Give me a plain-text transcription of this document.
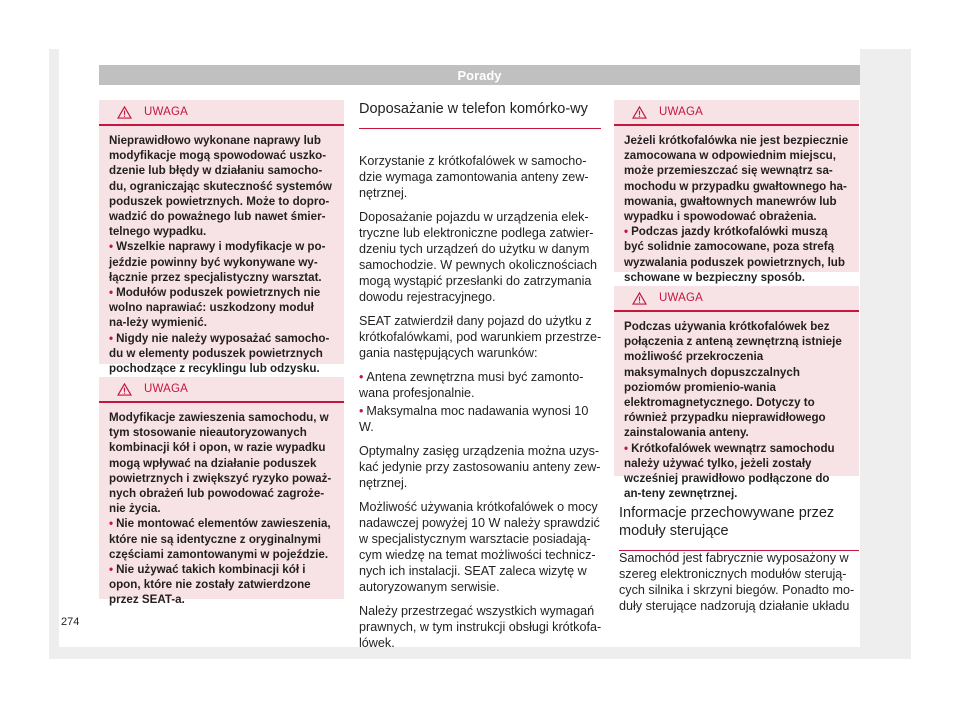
Porady
UWAGA

Nieprawidłowo wykonane naprawy lub modyfikacje mogą spowodować uszko-dzenie lub błędy w działaniu samocho-du, ograniczając skuteczność systemów poduszek powietrznych. Może to dopro-wadzić do poważnego lub nawet śmier-telnego wypadku.

• Wszelkie naprawy i modyfikacje w po-jeździe powinny być wykonywane wy-łącznie przez specjalistyczny warsztat.

• Modułów poduszek powietrznych nie wolno naprawiać: uszkodzony moduł na-leży wymienić.

• Nigdy nie należy wyposażać samocho-du w elementy poduszek powietrznych pochodzące z recyklingu lub odzysku.

UWAGA

Modyfikacje zawieszenia samochodu, w tym stosowanie nieautoryzowanych kombinacji kół i opon, w razie wypadku mogą wpływać na działanie poduszek powietrznych i zwiększyć ryzyko poważ-nych obrażeń lub powodować zagroże-nie życia.

• Nie montować elementów zawieszenia, które nie są identyczne z oryginalnymi częściami zamontowanymi w pojeździe.

• Nie używać takich kombinacji kół i opon, które nie zostały zatwierdzone przez SEAT-a.

Doposażanie w telefon komórko-wy

Korzystanie z krótkofalówek w samocho-dzie wymaga zamontowania anteny zew-nętrznej.

Doposażanie pojazdu w urządzenia elek-tryczne lub elektroniczne podlega zatwier-dzeniu tych urządzeń do użytku w danym samochodzie. W pewnych okolicznościach mogą wystąpić przesłanki do zatrzymania dowodu rejestracyjnego.

SEAT zatwierdził dany pojazd do użytku z krótkofalówkami, pod warunkiem przestrze-gania następujących warunków:

• Antena zewnętrzna musi być zamonto-wana profesjonalnie.

• Maksymalna moc nadawania wynosi 10 W.

Optymalny zasięg urządzenia można uzys-kać jedynie przy zastosowaniu anteny zew-nętrznej.

Możliwość używania krótkofalówek o mocy nadawczej powyżej 10 W należy sprawdzić w specjalistycznym warsztacie posiadają-cym wiedzę na temat możliwości technicz-nych ich instalacji. SEAT zaleca wizytę w autoryzowanym serwisie.

Należy przestrzegać wszystkich wymagań prawnych, w tym instrukcji obsługi krótkofa-lówek.

UWAGA

Jeżeli krótkofalówka nie jest bezpiecznie zamocowana w odpowiednim miejscu, może przemieszczać się wewnątrz sa-mochodu w przypadku gwałtownego ha-mowania, gwałtownych manewrów lub wypadku i spowodować obrażenia.

• Podczas jazdy krótkofalówki muszą być solidnie zamocowane, poza strefą wyzwalania poduszek powietrznych, lub schowane w bezpieczny sposób.

UWAGA

Podczas używania krótkofalówek bez połączenia z anteną zewnętrzną istnieje możliwość przekroczenia maksymalnych dopuszczalnych poziomów promienio-wania elektromagnetycznego. Dotyczy to również przypadku nieprawidłowego zainstalowania anteny.

• Krótkofalówek wewnątrz samochodu należy używać tylko, jeżeli zostały wcześniej prawidłowo podłączone do an-teny zewnętrznej.

Informacje przechowywane przez moduły sterujące

Samochód jest fabrycznie wyposażony w szereg elektronicznych modułów sterują-cych silnika i skrzyni biegów. Ponadto mo-duły sterujące nadzorują działanie układu

274
